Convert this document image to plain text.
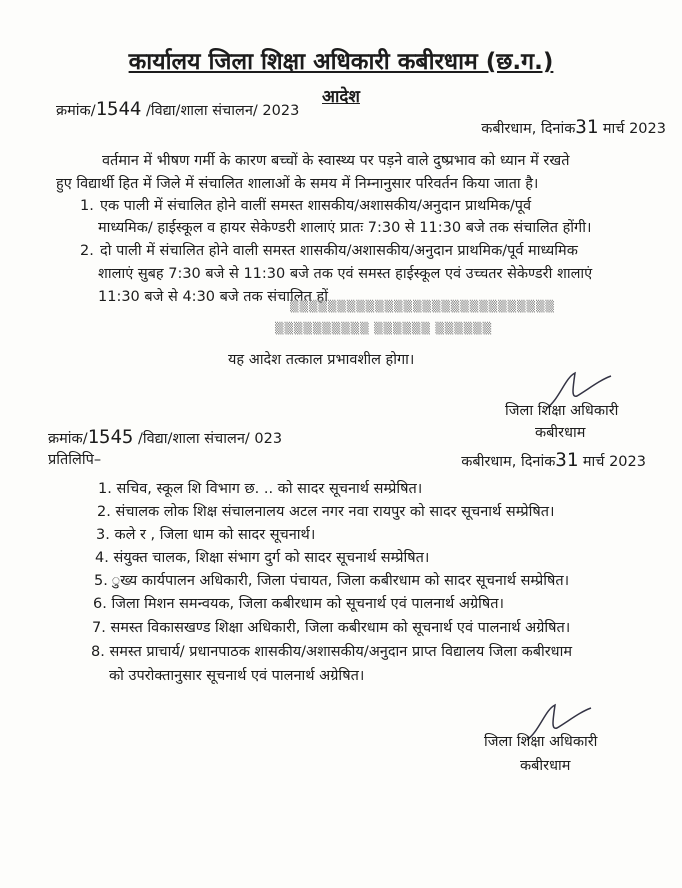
कार्यालय जिला शिक्षा अधिकारी कबीरधाम (छ.ग.)
आदेश
क्रमांक/1544 /विद्या/शाला संचालन/ 2023
कबीरधाम, दिनांक31 मार्च 2023
वर्तमान में भीषण गर्मी के कारण बच्चों के स्वास्थ्य पर पड़ने वाले दुष्प्रभाव को ध्यान में रखते
हुए विद्यार्थी हित में जिले में संचालित शालाओं के समय में निम्नानुसार परिवर्तन किया जाता है।
1. एक पाली में संचालित होने वालीं समस्त शासकीय/अशासकीय/अनुदान प्राथमिक/पूर्व
माध्यमिक/ हाईस्कूल व हायर सेकेण्डरी शालाएं प्रातः 7:30 से 11:30 बजे तक संचालित होंगी।
2. दो पाली में संचालित होने वाली समस्त शासकीय/अशासकीय/अनुदान प्राथमिक/पूर्व माध्यमिक
शालाएं सुबह 7:30 बजे से 11:30 बजे तक एवं समस्त हाईस्कूल एवं उच्चतर सेकेण्डरी शालाएं
11:30 बजे से 4:30 बजे तक संचालित हों
▒▒▒▒▒▒▒▒▒▒▒▒▒▒▒▒▒▒▒▒▒▒▒▒▒▒▒▒
▒▒▒▒▒▒▒▒▒▒ ▒▒▒▒▒▒ ▒▒▒▒▒▒
यह आदेश तत्काल प्रभावशील होगा।
जिला शिक्षा अधिकारी
कबीरधाम
क्रमांक/1545 /विद्या/शाला संचालन/ 023
प्रतिलिपि–	कबीरधाम, दिनांक31 मार्च 2023
1. सचिव, स्कूल शि विभाग छ. .. को सादर सूचनार्थ सम्प्रेषित।
2. संचालक लोक शिक्ष संचालनालय अटल नगर नवा रायपुर को सादर सूचनार्थ सम्प्रेषित।
3. कले र , जिला धाम को सादर सूचनार्थ।
4. संयुक्त चालक, शिक्षा संभाग दुर्ग को सादर सूचनार्थ सम्प्रेषित।
5. ुख्य कार्यपालन अधिकारी, जिला पंचायत, जिला कबीरधाम को सादर सूचनार्थ सम्प्रेषित।
6. जिला मिशन समन्वयक, जिला कबीरधाम को सूचनार्थ एवं पालनार्थ अग्रेषित।
7. समस्त विकासखण्ड शिक्षा अधिकारी, जिला कबीरधाम को सूचनार्थ एवं पालनार्थ अग्रेषित।
8. समस्त प्राचार्य/ प्रधानपाठक शासकीय/अशासकीय/अनुदान प्राप्त विद्यालय जिला कबीरधाम
को उपरोक्तानुसार सूचनार्थ एवं पालनार्थ अग्रेषित।
जिला शिक्षा अधिकारी
कबीरधाम
